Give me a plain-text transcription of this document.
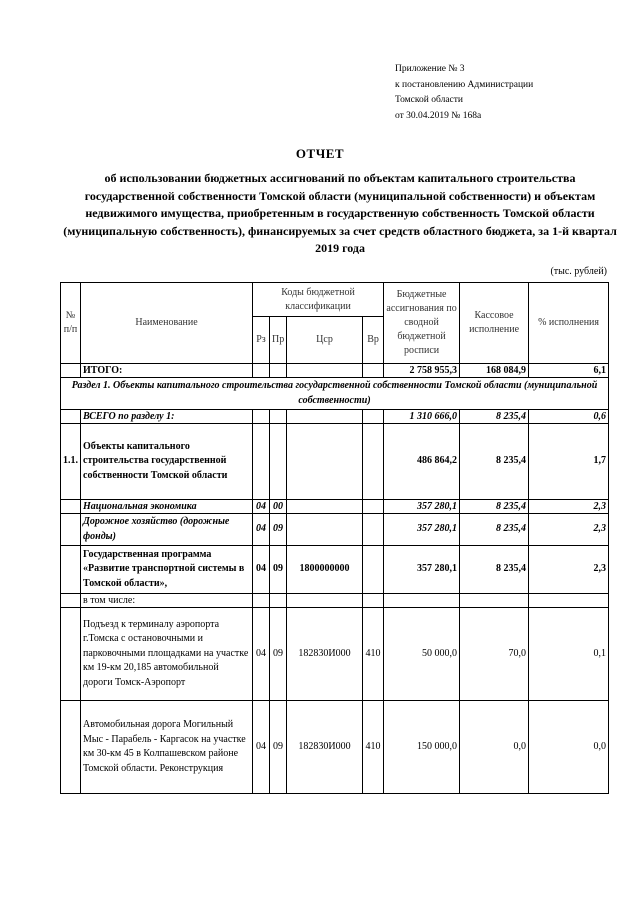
Приложение № 3
к постановлению Администрации
Томской области
от 30.04.2019 № 168а
ОТЧЕТ
об использовании бюджетных ассигнований по объектам капитального строительства государственной собственности Томской области (муниципальной собственности) и объектам недвижимого имущества, приобретенным в государственную собственность Томской области (муниципальную собственность), финансируемых за счет средств областного бюджета, за 1-й квартал 2019 года
(тыс. рублей)
№ п/п	Наименование	Коды бюджетной классификации				Бюджетные ассигнования по сводной бюджетной росписи	Кассовое исполнение	% исполнения
		Рз	Пр	Цср	Вр			
	ИТОГО:					2 758 955,3	168 084,9	6,1
Раздел 1. Объекты капитального строительства государственной собственности Томской области (муниципальной собственности)								
	ВСЕГО по разделу 1:					1 310 666,0	8 235,4	0,6
1.1.	Объекты капитального строительства государственной собственности Томской области					486 864,2	8 235,4	1,7
	Национальная экономика	04	00			357 280,1	8 235,4	2,3
	Дорожное хозяйство (дорожные фонды)	04	09			357 280,1	8 235,4	2,3
	Государственная программа «Развитие транспортной системы в Томской области»,	04	09	1800000000		357 280,1	8 235,4	2,3
	в том числе:							
	Подъезд к терминалу аэропорта г.Томска с остановочными и парковочными площадками на участке км 19-км 20,185 автомобильной дороги Томск-Аэропорт	04	09	182830И000	410	50 000,0	70,0	0,1
	Автомобильная дорога Могильный Мыс - Парабель - Каргасок на участке км 30-км 45 в Колпашевском районе Томской области. Реконструкция	04	09	182830И000	410	150 000,0	0,0	0,0
